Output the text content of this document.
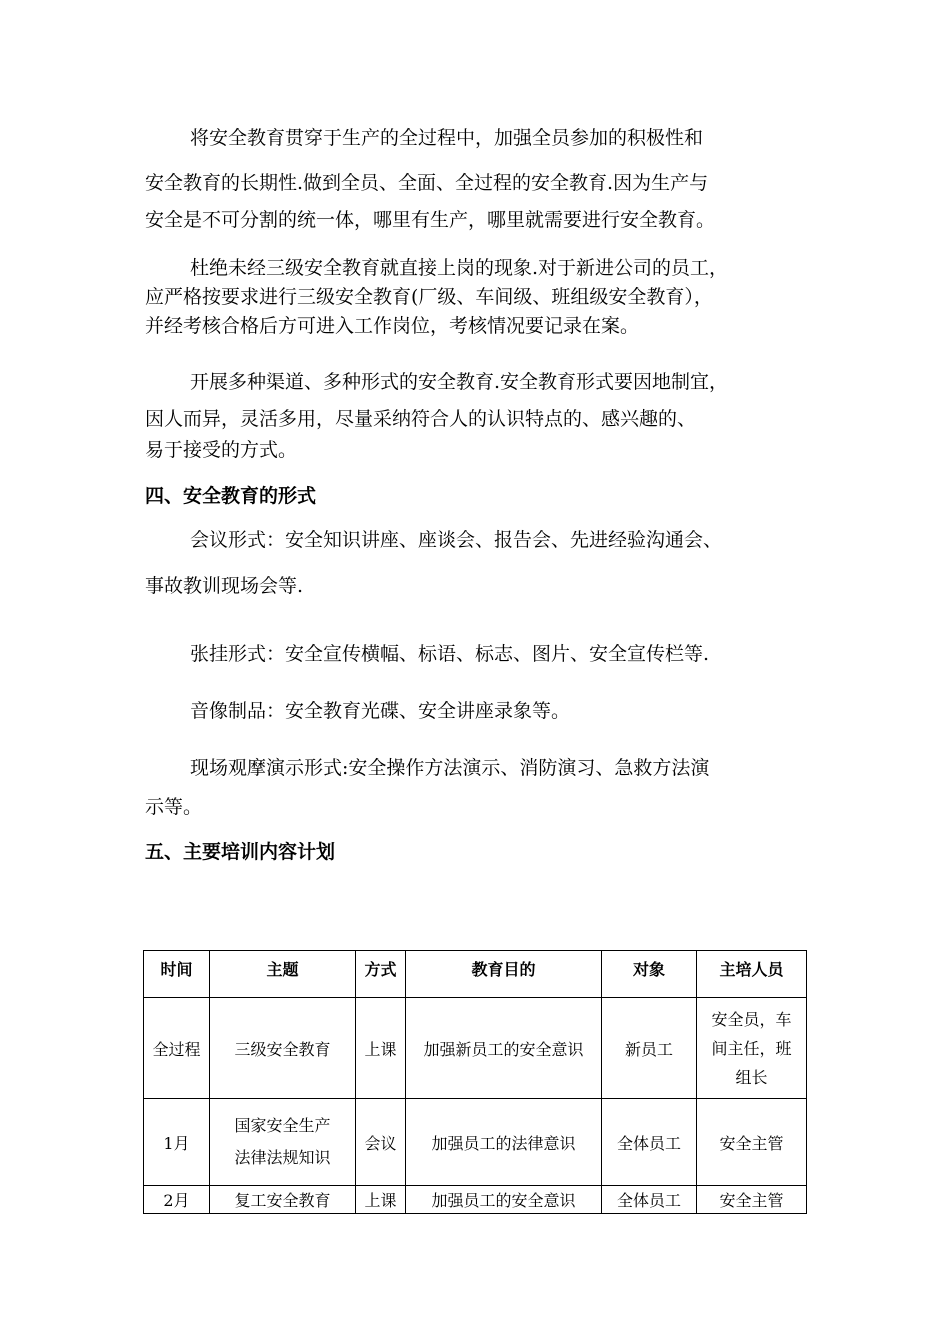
将安全教育贯穿于生产的全过程中，加强全员参加的积极性和
安全教育的长期性.做到全员、全面、全过程的安全教育.因为生产与
安全是不可分割的统一体，哪里有生产，哪里就需要进行安全教育。
杜绝未经三级安全教育就直接上岗的现象.对于新进公司的员工，
应严格按要求进行三级安全教育(厂级、车间级、班组级安全教育），
并经考核合格后方可进入工作岗位，考核情况要记录在案。
开展多种渠道、多种形式的安全教育.安全教育形式要因地制宜，
因人而异，灵活多用，尽量采纳符合人的认识特点的、感兴趣的、
易于接受的方式。
四、安全教育的形式
会议形式：安全知识讲座、座谈会、报告会、先进经验沟通会、
事故教训现场会等.
张挂形式：安全宣传横幅、标语、标志、图片、安全宣传栏等.
音像制品：安全教育光碟、安全讲座录象等。
现场观摩演示形式:安全操作方法演示、消防演习、急救方法演
示等。
五、主要培训内容计划
时间	主题	方式	教育目的	对象	主培人员
全过程	三级安全教育	上课	加强新员工的安全意识	新员工	安全员，车
间主任，班
组长

1月	国家安全生产
法律法规知识	会议	加强员工的法律意识	全体员工	安全主管

2月	复工安全教育	上课	加强员工的安全意识	全体员工	安全主管
